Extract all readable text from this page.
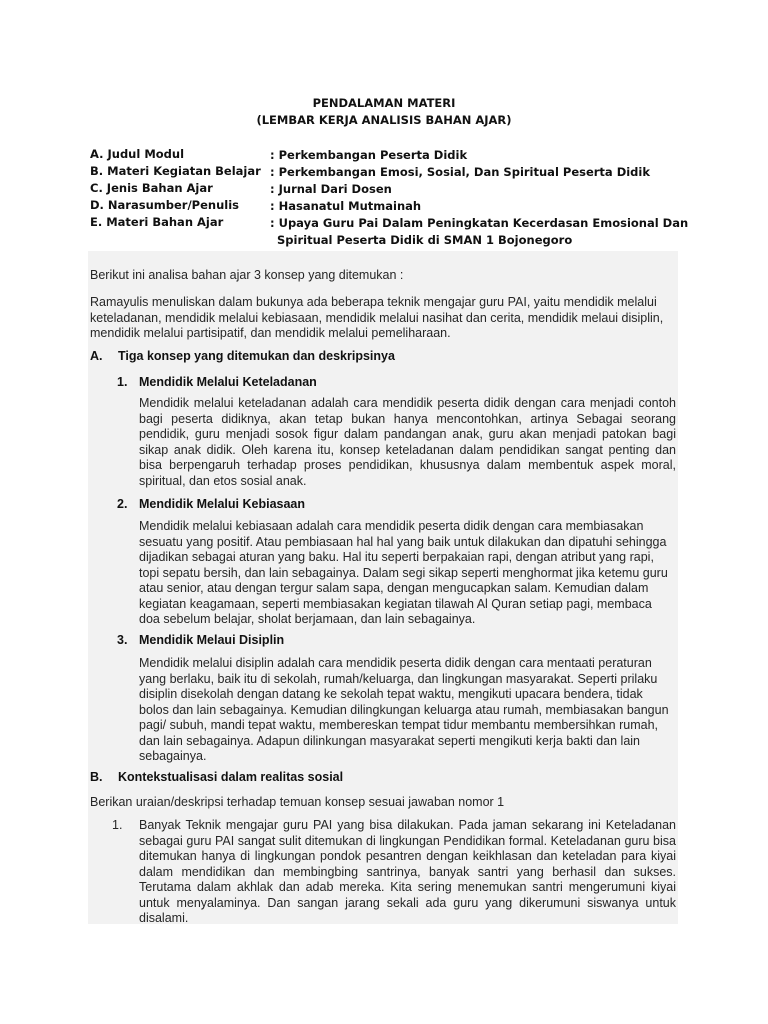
PENDALAMAN MATERI
(LEMBAR KERJA ANALISIS BAHAN AJAR)
A. Judul Modul	: Perkembangan Peserta Didik
B. Materi Kegiatan Belajar : Perkembangan Emosi, Sosial, Dan Spiritual Peserta Didik
C. Jenis Bahan Ajar	: Jurnal Dari Dosen
D. Narasumber/Penulis	: Hasanatul Mutmainah
E. Materi Bahan Ajar	: Upaya Guru Pai Dalam Peningkatan Kecerdasan Emosional Dan
Spiritual Peserta Didik di SMAN 1 Bojonegoro

Berikut ini analisa bahan ajar 3 konsep yang ditemukan :

Ramayulis menuliskan dalam bukunya ada beberapa teknik mengajar guru PAI, yaitu mendidik melalui keteladanan, mendidik melalui kebiasaan, mendidik melalui nasihat dan cerita, mendidik melaui disiplin, mendidik melalui partisipatif, dan mendidik melalui pemeliharaan.

A. Tiga konsep yang ditemukan dan deskripsinya
1. Mendidik Melalui Keteladanan

Mendidik melalui keteladanan adalah cara mendidik peserta didik dengan cara menjadi contoh bagi peserta didiknya, akan tetap bukan hanya mencontohkan, artinya Sebagai seorang pendidik, guru menjadi sosok figur dalam pandangan anak, guru akan menjadi patokan bagi sikap anak didik. Oleh karena itu, konsep keteladanan dalam pendidikan sangat penting dan bisa berpengaruh terhadap proses pendidikan, khususnya dalam membentuk aspek moral, spiritual, dan etos sosial anak.

2. Mendidik Melalui Kebiasaan

Mendidik melalui kebiasaan adalah cara mendidik peserta didik dengan cara membiasakan sesuatu yang positif. Atau pembiasaan hal hal yang baik untuk dilakukan dan dipatuhi sehingga dijadikan sebagai aturan yang baku. Hal itu seperti berpakaian rapi, dengan atribut yang rapi, topi sepatu bersih, dan lain sebagainya. Dalam segi sikap seperti menghormat jika ketemu guru atau senior, atau dengan tergur salam sapa, dengan mengucapkan salam. Kemudian dalam kegiatan keagamaan, seperti membiasakan kegiatan tilawah Al Quran setiap pagi, membaca doa sebelum belajar, sholat berjamaan, dan lain sebagainya.

3. Mendidik Melaui Disiplin

Mendidik melalui disiplin adalah cara mendidik peserta didik dengan cara mentaati peraturan yang berlaku, baik itu di sekolah, rumah/keluarga, dan lingkungan masyarakat. Seperti prilaku disiplin disekolah dengan datang ke sekolah tepat waktu, mengikuti upacara bendera, tidak bolos dan lain sebagainya. Kemudian dilingkungan keluarga atau rumah, membiasakan bangun pagi/ subuh, mandi tepat waktu, membereskan tempat tidur membantu membersihkan rumah, dan lain sebagainya. Adapun dilinkungan masyarakat seperti mengikuti kerja bakti dan lain sebagainya.

B. Kontekstualisasi dalam realitas sosial

Berikan uraian/deskripsi terhadap temuan konsep sesuai jawaban nomor 1

1. Banyak Teknik mengajar guru PAI yang bisa dilakukan. Pada jaman sekarang ini Keteladanan sebagai guru PAI sangat sulit ditemukan di lingkungan Pendidikan formal. Keteladanan guru bisa ditemukan hanya di lingkungan pondok pesantren dengan keikhlasan dan keteladan para kiyai dalam mendidikan dan membingbing santrinya, banyak santri yang berhasil dan sukses. Terutama dalam akhlak dan adab mereka. Kita sering menemukan santri mengerumuni kiyai untuk menyalaminya. Dan sangan jarang sekali ada guru yang dikerumuni siswanya untuk disalami.
